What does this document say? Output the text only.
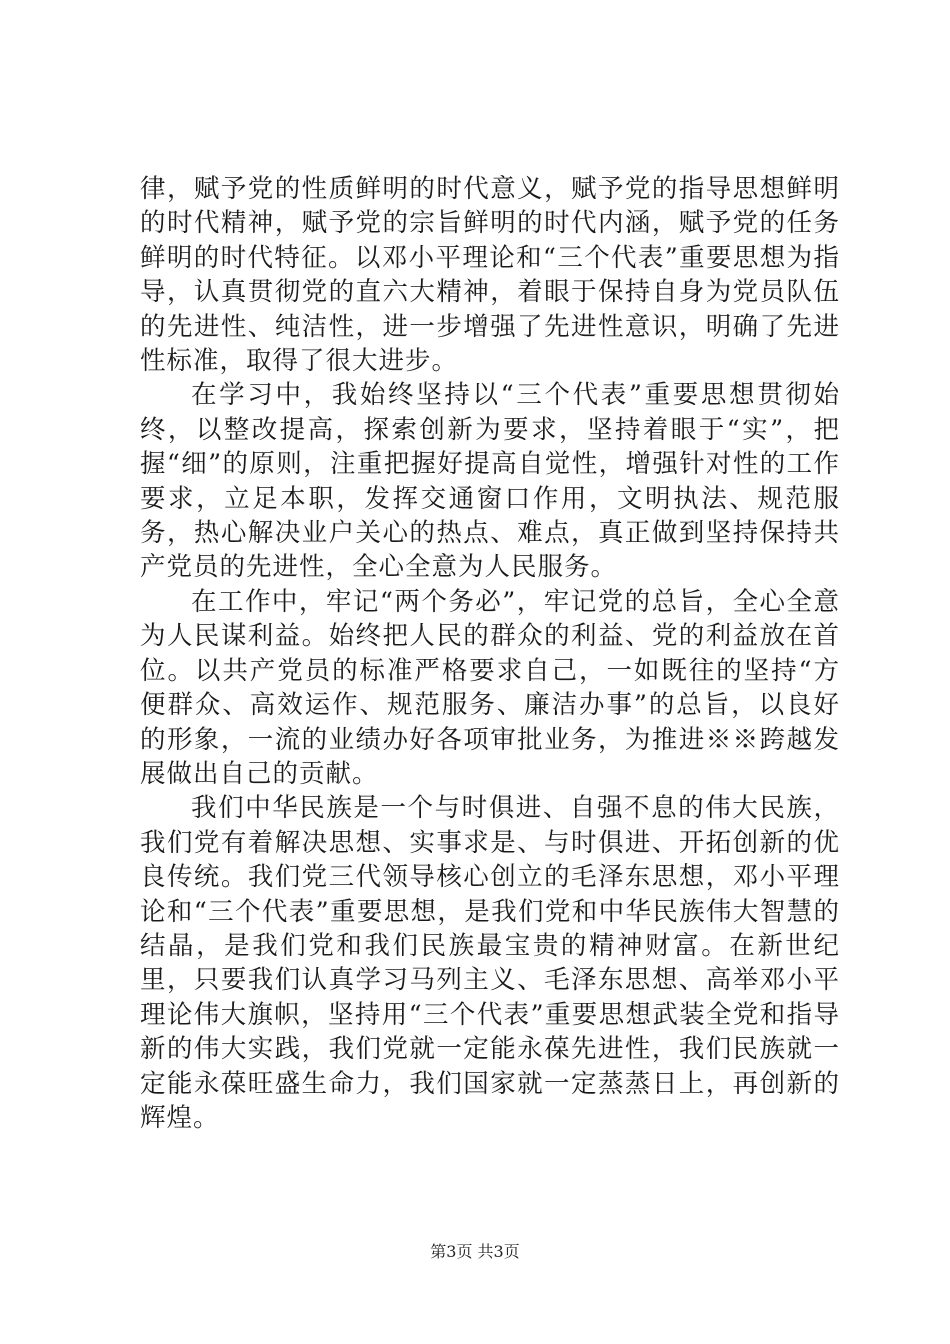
律，赋予党的性质鲜明的时代意义，赋予党的指导思想鲜明的时代精神，赋予党的宗旨鲜明的时代内涵，赋予党的任务鲜明的时代特征。以邓小平理论和“三个代表”重要思想为指导，认真贯彻党的直六大精神，着眼于保持自身为党员队伍的先进性、纯洁性，进一步增强了先进性意识，明确了先进性标准，取得了很大进步。

在学习中，我始终坚持以“三个代表”重要思想贯彻始终，以整改提高，探索创新为要求，坚持着眼于“实”，把握“细”的原则，注重把握好提高自觉性，增强针对性的工作要求，立足本职，发挥交通窗口作用，文明执法、规范服务，热心解决业户关心的热点、难点，真正做到坚持保持共产党员的先进性，全心全意为人民服务。

在工作中，牢记“两个务必”，牢记党的总旨，全心全意为人民谋利益。始终把人民的群众的利益、党的利益放在首位。以共产党员的标准严格要求自己，一如既往的坚持“方便群众、高效运作、规范服务、廉洁办事”的总旨，以良好的形象，一流的业绩办好各项审批业务，为推进※※跨越发展做出自己的贡献。

我们中华民族是一个与时俱进、自强不息的伟大民族，我们党有着解决思想、实事求是、与时俱进、开拓创新的优良传统。我们党三代领导核心创立的毛泽东思想，邓小平理论和“三个代表”重要思想，是我们党和中华民族伟大智慧的结晶，是我们党和我们民族最宝贵的精神财富。在新世纪里，只要我们认真学习马列主义、毛泽东思想、高举邓小平理论伟大旗帜，坚持用“三个代表”重要思想武装全党和指导新的伟大实践，我们党就一定能永葆先进性，我们民族就一定能永葆旺盛生命力，我们国家就一定蒸蒸日上，再创新的辉煌。

第3页 共3页
